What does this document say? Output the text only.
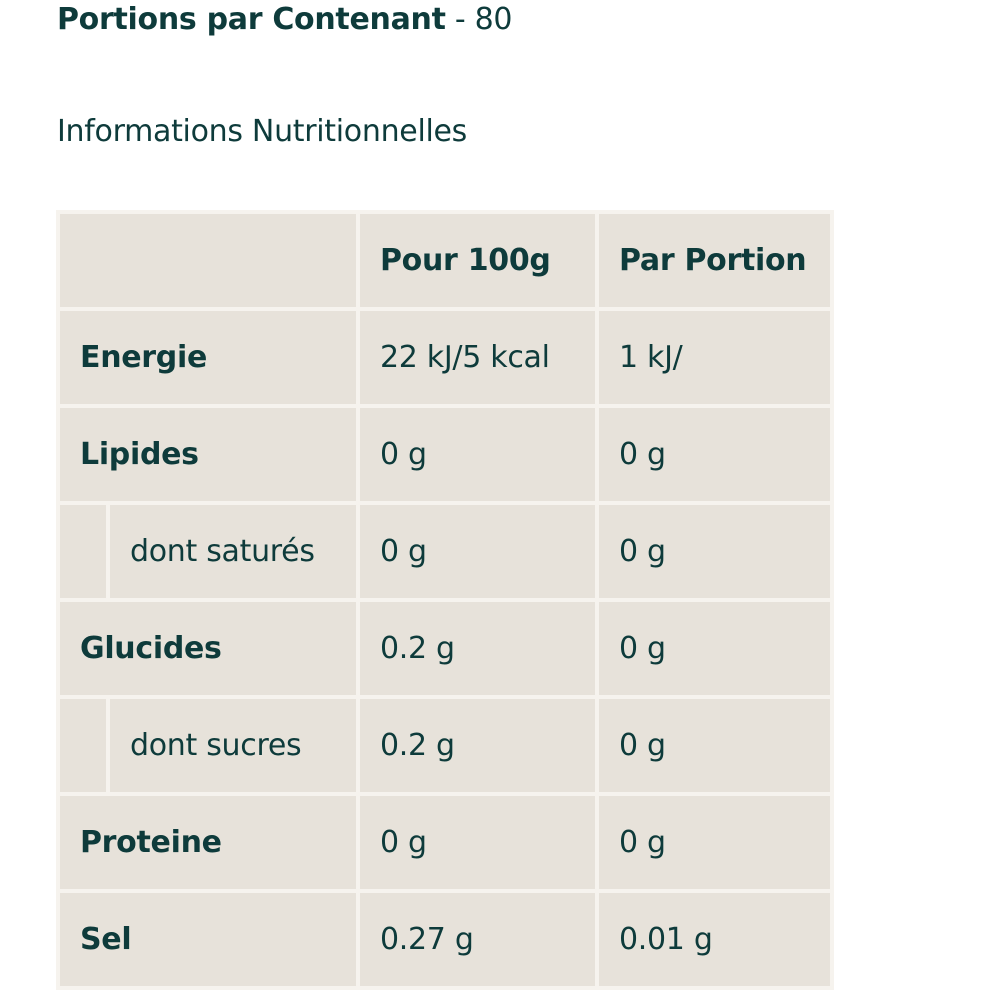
Portions par Contenant - 80
Informations Nutritionnelles

	Pour 100g	Par Portion

Energie	22 kJ/5 kcal	1 kJ/

Lipides	0 g	0 g

dont saturés	0 g	0 g

Glucides	0.2 g	0 g

dont sucres	0.2 g	0 g

Proteine	0 g	0 g

Sel	0.27 g	0.01 g
